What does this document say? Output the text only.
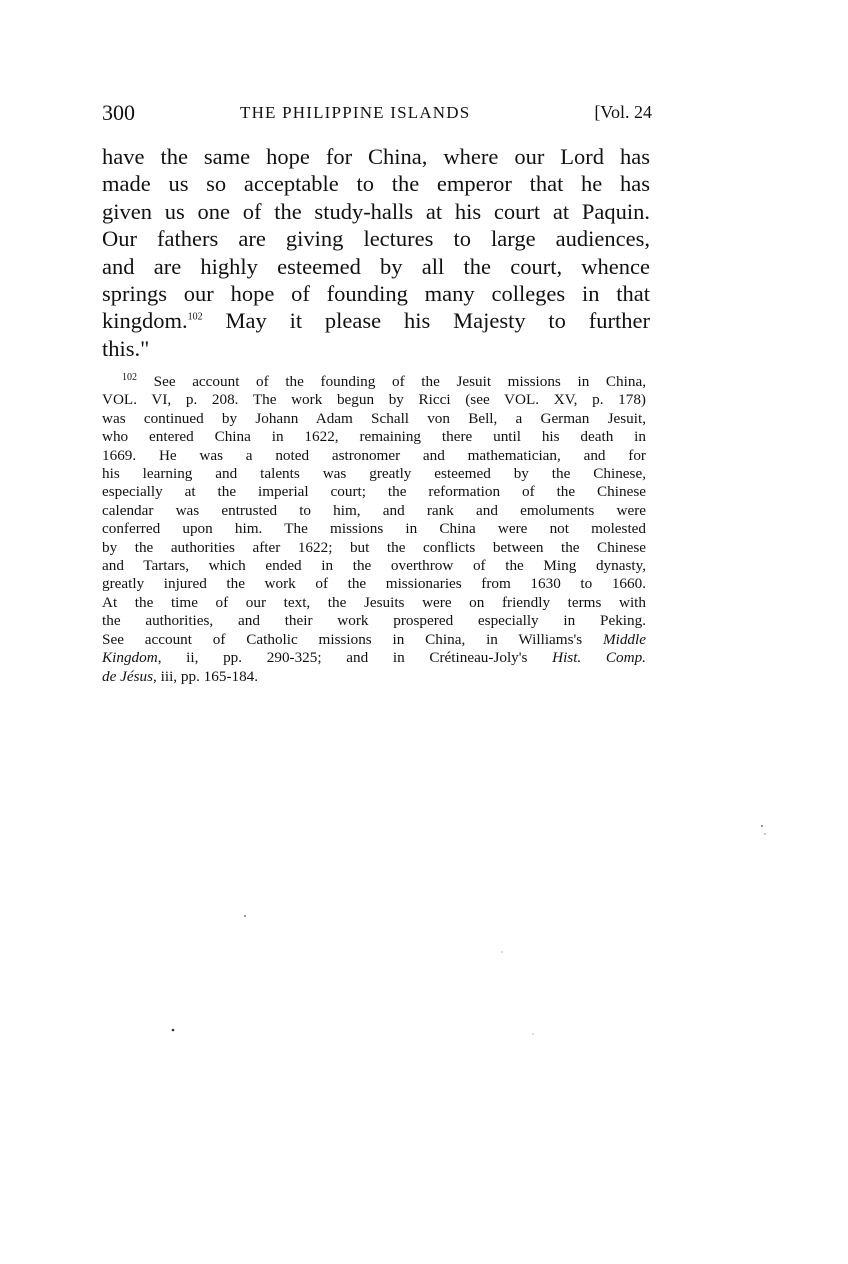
300	THE PHILIPPINE ISLANDS	[Vol. 24
have the same hope for China, where our Lord has
made us so acceptable to the emperor that he has
given us one of the study-halls at his court at Paquin.
Our fathers are giving lectures to large audiences,
and are highly esteemed by all the court, whence
springs our hope of founding many colleges in that
kingdom.$^{102}$ May it please his Majesty to further
this."
$^{102}$ See account of the founding of the Jesuit missions in China,
VOL. VI, p. 208. The work begun by Ricci (see VOL. XV, p. 178)
was continued by Johann Adam Schall von Bell, a German Jesuit,
who entered China in 1622, remaining there until his death in
1669. He was a noted astronomer and mathematician, and for
his learning and talents was greatly esteemed by the Chinese,
especially at the imperial court; the reformation of the Chinese
calendar was entrusted to him, and rank and emoluments were
conferred upon him. The missions in China were not molested
by the authorities after 1622; but the conflicts between the Chinese
and Tartars, which ended in the overthrow of the Ming dynasty,
greatly injured the work of the missionaries from 1630 to 1660.
At the time of our text, the Jesuits were on friendly terms with
the authorities, and their work prospered especially in Peking.
See account of Catholic missions in China, in Williams's Middle
Kingdom, ii, pp. 290-325; and in Crétineau-Joly's Hist. Comp.
de Jésus, iii, pp. 165-184.
